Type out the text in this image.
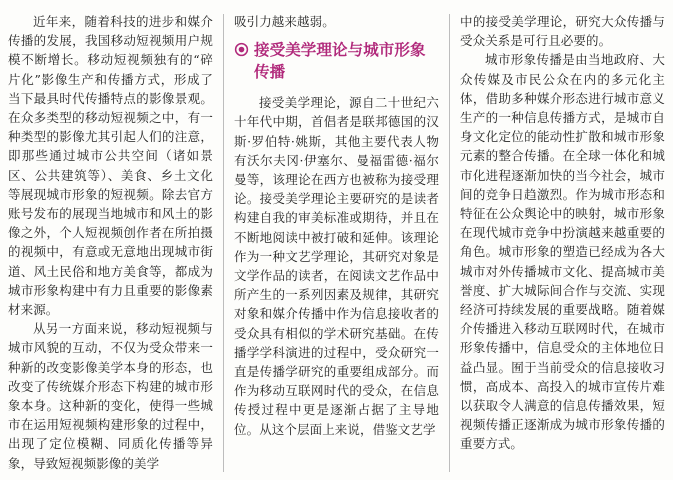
近年来，随着科技的进步和媒介传播的发展，我国移动短视频用户规模不断增长。移动短视频独有的“碎片化”影像生产和传播方式，形成了当下最具时代传播特点的影像景观。在众多类型的移动短视频之中，有一种类型的影像尤其引起人们的注意，即那些通过城市公共空间（诸如景区、公共建筑等）、美食、乡土文化等展现城市形象的短视频。除去官方账号发布的展现当地城市和风土的影像之外，个人短视频创作者在所拍摄的视频中，有意或无意地出现城市街道、风土民俗和地方美食等，都成为城市形象构建中有力且重要的影像素材来源。

从另一方面来说，移动短视频与城市风貌的互动，不仅为受众带来一种新的改变影像美学本身的形态，也改变了传统媒介形态下构建的城市形象本身。这种新的变化，使得一些城市在运用短视频构建形象的过程中，出现了定位模糊、同质化传播等异象，导致短视频影像的美学

吸引力越来越弱。

接受美学理论与城市形象传播

接受美学理论，源自二十世纪六十年代中期，首倡者是联邦德国的汉斯·罗伯特·姚斯，其他主要代表人物有沃尔夫冈·伊塞尔、曼福雷德·福尔曼等，该理论在西方也被称为接受理论。接受美学理论主要研究的是读者构建自我的审美标准或期待，并且在不断地阅读中被打破和延伸。该理论作为一种文艺学理论，其研究对象是文学作品的读者，在阅读文艺作品中所产生的一系列因素及规律，其研究对象和媒介传播中作为信息接收者的受众具有相似的学术研究基础。在传播学学科演进的过程中，受众研究一直是传播学研究的重要组成部分。而作为移动互联网时代的受众，在信息传授过程中更是逐渐占据了主导地位。从这个层面上来说，借鉴文艺学

中的接受美学理论，研究大众传播与受众关系是可行且必要的。

城市形象传播是由当地政府、大众传媒及市民公众在内的多元化主体，借助多种媒介形态进行城市意义生产的一种信息传播方式，是城市自身文化定位的能动性扩散和城市形象元素的整合传播。在全球一体化和城市化进程逐渐加快的当今社会，城市间的竞争日趋激烈。作为城市形态和特征在公众舆论中的映射，城市形象在现代城市竞争中扮演越来越重要的角色。城市形象的塑造已经成为各大城市对外传播城市文化、提高城市美誉度、扩大城际间合作与交流、实现经济可持续发展的重要战略。随着媒介传播进入移动互联网时代，在城市形象传播中，信息受众的主体地位日益凸显。囿于当前受众的信息接收习惯，高成本、高投入的城市宣传片难以获取令人满意的信息传播效果，短视频传播正逐渐成为城市形象传播的重要方式。
